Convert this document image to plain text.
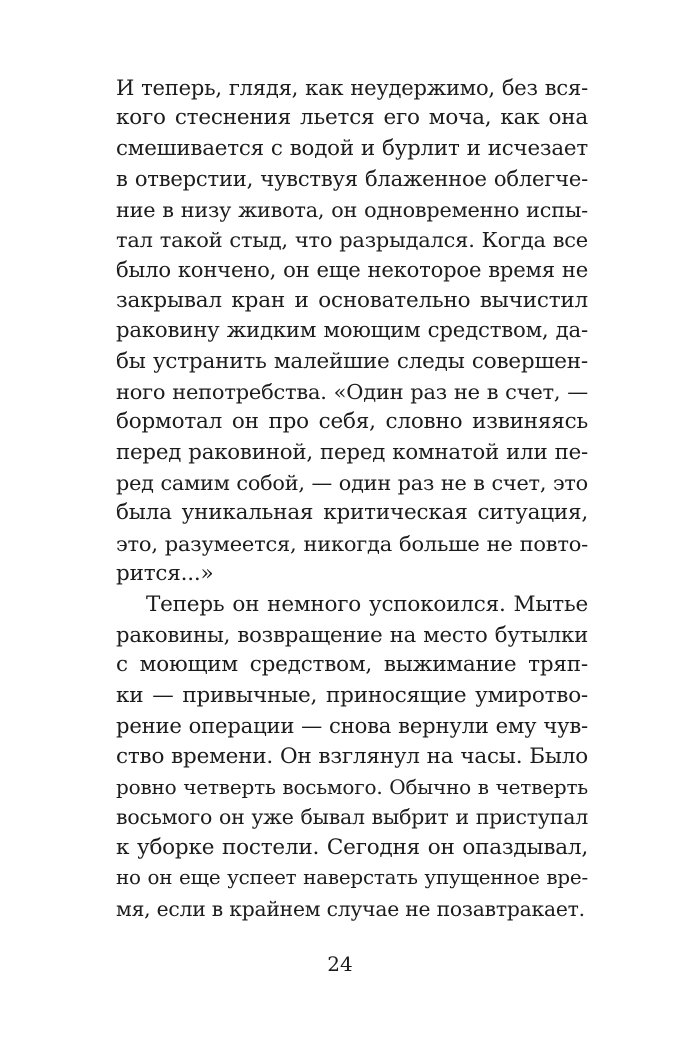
И теперь, глядя, как неудержимо, без вся-
кого стеснения льется его моча, как она
смешивается с водой и бурлит и исчезает
в отверстии, чувствуя блаженное облегче-
ние в низу живота, он одновременно испы-
тал такой стыд, что разрыдался. Когда все
было кончено, он еще некоторое время не
закрывал кран и основательно вычистил
раковину жидким моющим средством, да-
бы устранить малейшие следы совершен-
ного непотребства. «Один раз не в счет, —
бормотал он про себя, словно извиняясь
перед раковиной, перед комнатой или пе-
ред самим собой, — один раз не в счет, это
была уникальная критическая ситуация,
это, разумеется, никогда больше не повто-
рится...»
Теперь он немного успокоился. Мытье
раковины, возвращение на место бутылки
с моющим средством, выжимание тряп-
ки — привычные, приносящие умиротво-
рение операции — снова вернули ему чув-
ство времени. Он взглянул на часы. Было
ровно четверть восьмого. Обычно в четверть
восьмого он уже бывал выбрит и приступал
к уборке постели. Сегодня он опаздывал,
но он еще успеет наверстать упущенное вре-
мя, если в крайнем случае не позавтракает.
24
